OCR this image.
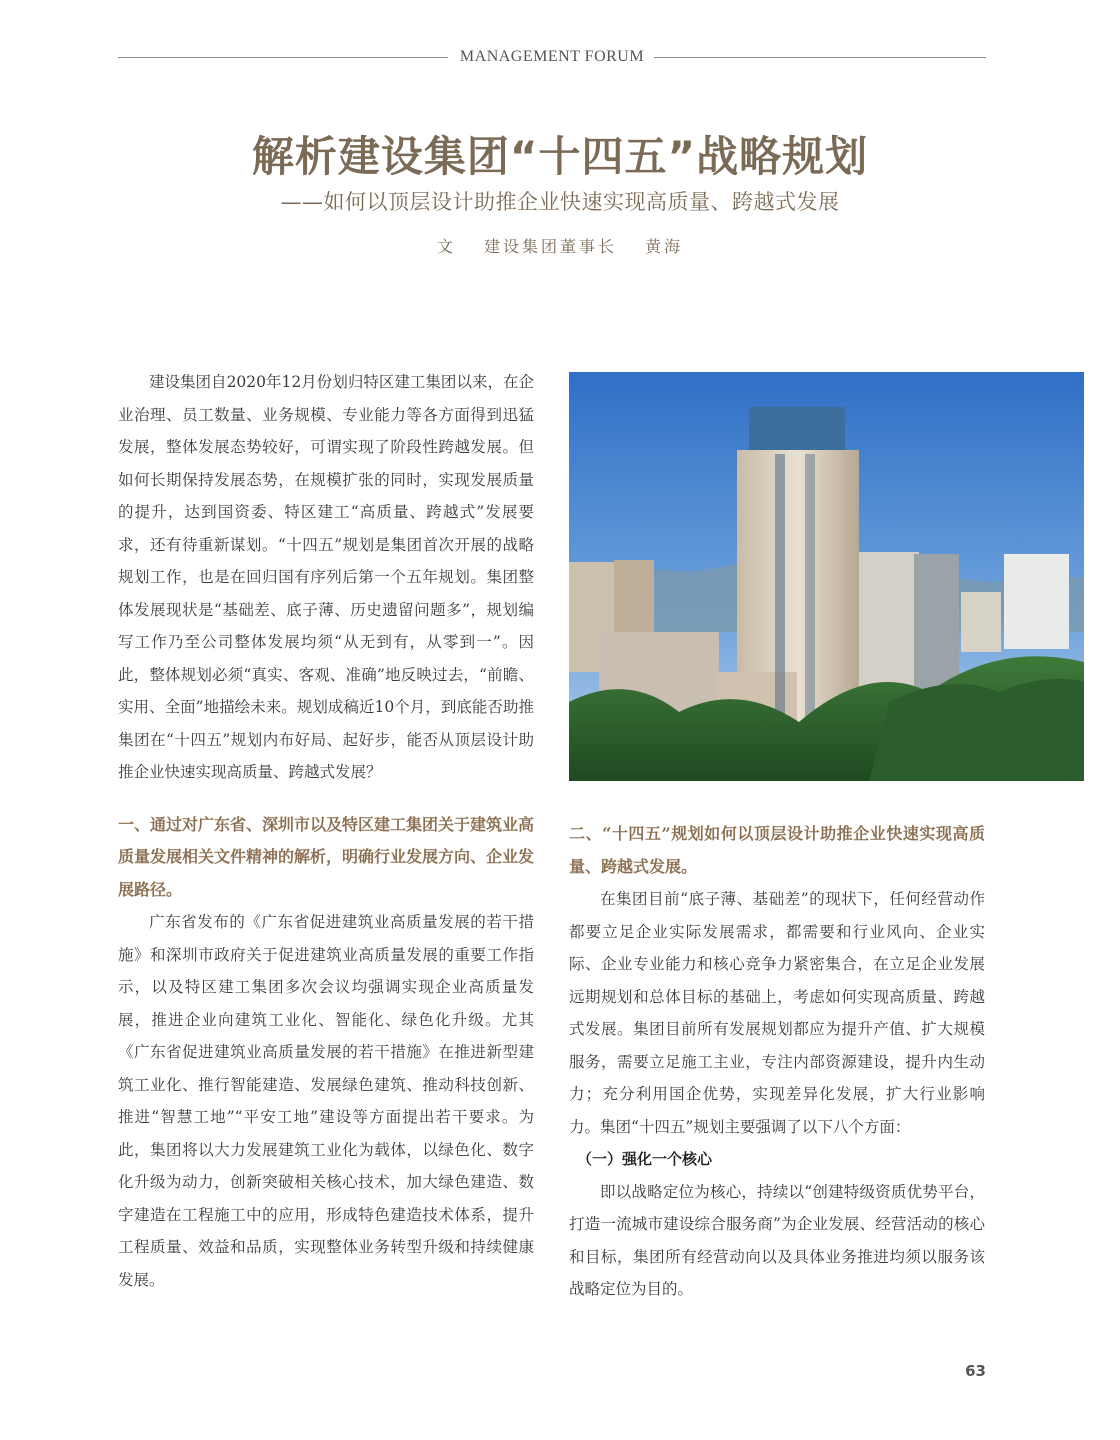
MANAGEMENT FORUM
解析建设集团“十四五”战略规划
——如何以顶层设计助推企业快速实现高质量、跨越式发展
文 建设集团董事长 黄海

建设集团自2020年12月份划归特区建工集团以来，在企业治理、员工数量、业务规模、专业能力等各方面得到迅猛发展，整体发展态势较好，可谓实现了阶段性跨越发展。但如何长期保持发展态势，在规模扩张的同时，实现发展质量的提升，达到国资委、特区建工“高质量、跨越式”发展要求，还有待重新谋划。“十四五”规划是集团首次开展的战略规划工作，也是在回归国有序列后第一个五年规划。集团整体发展现状是“基础差、底子薄、历史遗留问题多”，规划编写工作乃至公司整体发展均须“从无到有，从零到一”。因此，整体规划必须“真实、客观、准确”地反映过去，“前瞻、实用、全面”地描绘未来。规划成稿近10个月，到底能否助推集团在“十四五”规划内布好局、起好步，能否从顶层设计助推企业快速实现高质量、跨越式发展？

一、通过对广东省、深圳市以及特区建工集团关于建筑业高质量发展相关文件精神的解析，明确行业发展方向、企业发展路径。

广东省发布的《广东省促进建筑业高质量发展的若干措施》和深圳市政府关于促进建筑业高质量发展的重要工作指示，以及特区建工集团多次会议均强调实现企业高质量发展，推进企业向建筑工业化、智能化、绿色化升级。尤其《广东省促进建筑业高质量发展的若干措施》在推进新型建筑工业化、推行智能建造、发展绿色建筑、推动科技创新、推进“智慧工地”“平安工地”建设等方面提出若干要求。为此，集团将以大力发展建筑工业化为载体，以绿色化、数字化升级为动力，创新突破相关核心技术，加大绿色建造、数字建造在工程施工中的应用，形成特色建造技术体系，提升工程质量、效益和品质，实现整体业务转型升级和持续健康发展。

二、“十四五”规划如何以顶层设计助推企业快速实现高质量、跨越式发展。

在集团目前“底子薄、基础差”的现状下，任何经营动作都要立足企业实际发展需求，都需要和行业风向、企业实际、企业专业能力和核心竞争力紧密集合，在立足企业发展远期规划和总体目标的基础上，考虑如何实现高质量、跨越式发展。集团目前所有发展规划都应为提升产值、扩大规模服务，需要立足施工主业，专注内部资源建设，提升内生动力；充分利用国企优势，实现差异化发展，扩大行业影响力。集团“十四五”规划主要强调了以下八个方面：

（一）强化一个核心

即以战略定位为核心，持续以“创建特级资质优势平台，打造一流城市建设综合服务商”为企业发展、经营活动的核心和目标，集团所有经营动向以及具体业务推进均须以服务该战略定位为目的。

63
